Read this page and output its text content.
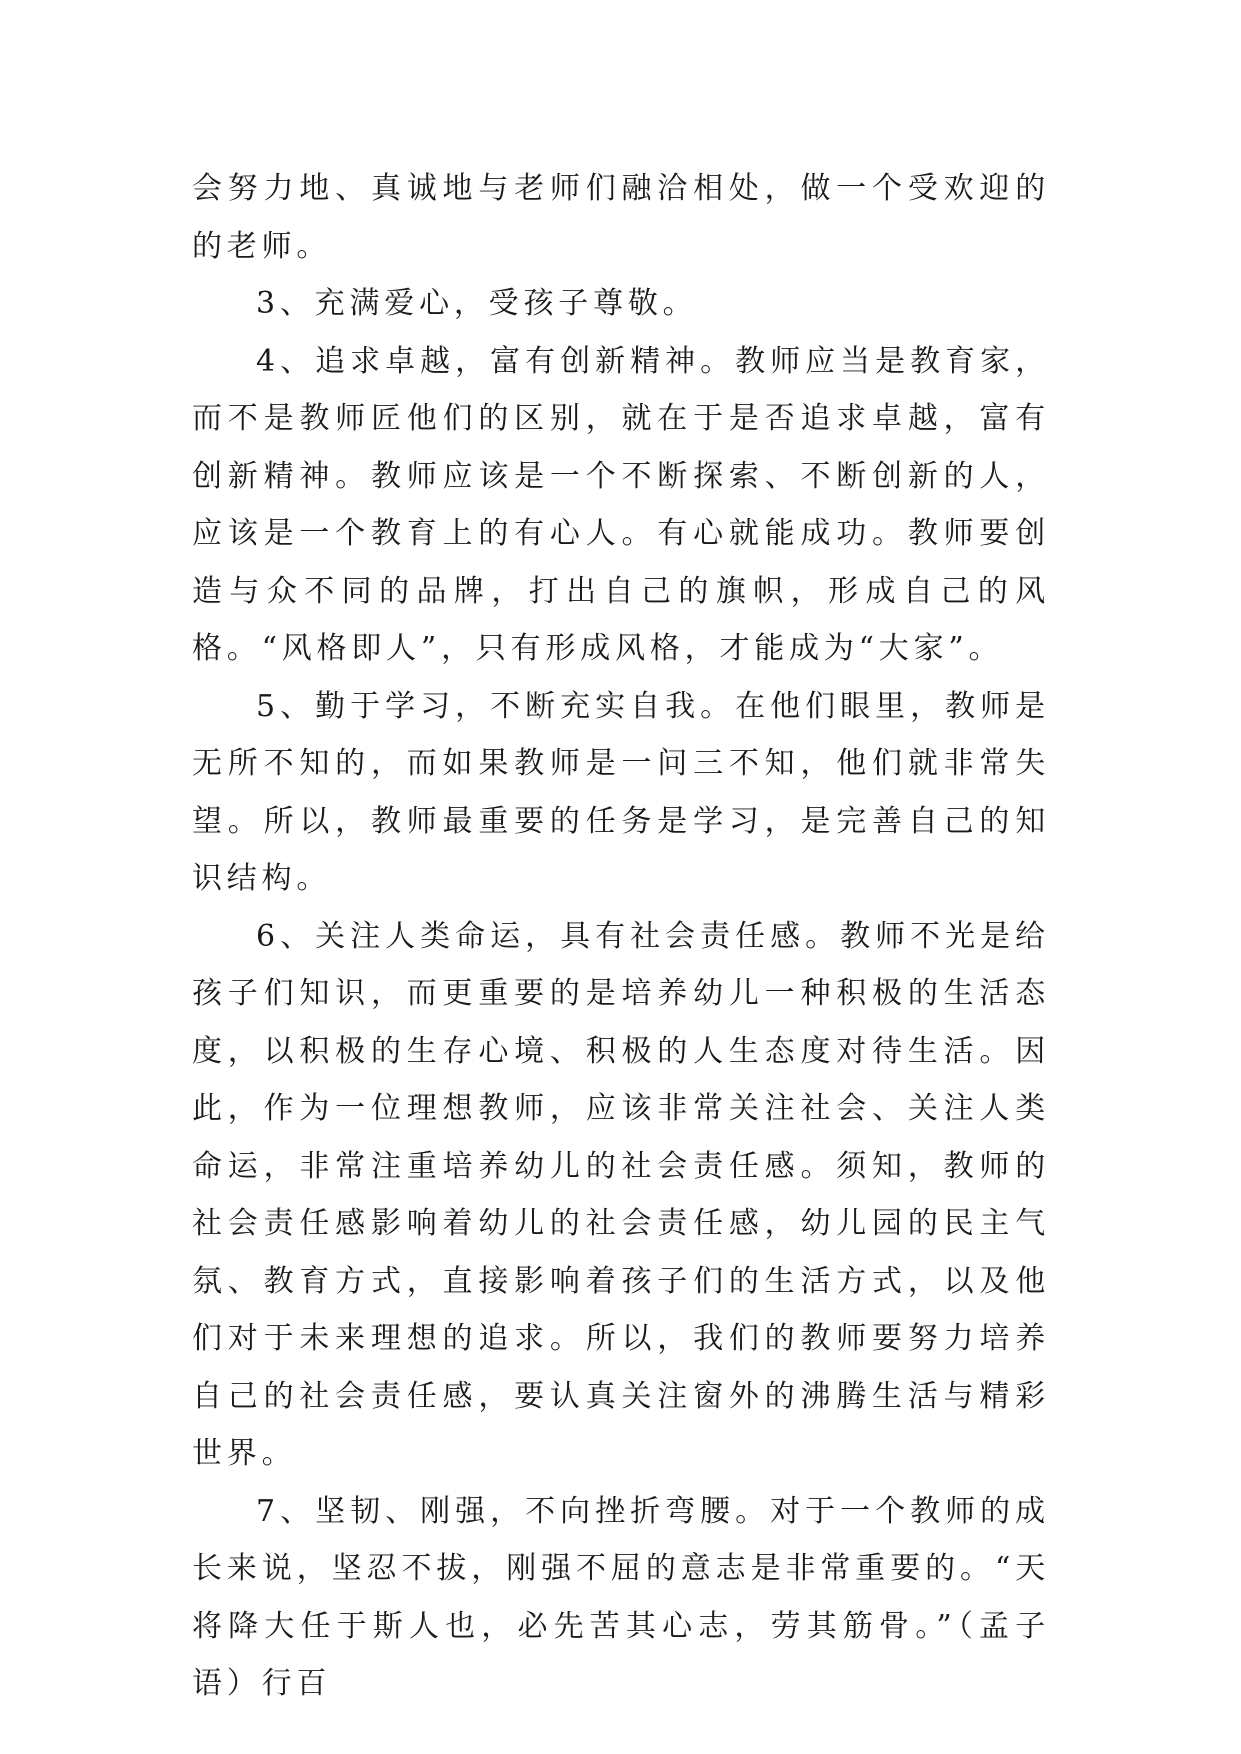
会努力地、真诚地与老师们融洽相处，做一个受欢迎的的老师。

3、充满爱心，受孩子尊敬。

4、追求卓越，富有创新精神。教师应当是教育家，而不是教师匠他们的区别，就在于是否追求卓越，富有创新精神。教师应该是一个不断探索、不断创新的人，应该是一个教育上的有心人。有心就能成功。教师要创造与众不同的品牌，打出自己的旗帜，形成自己的风格。“风格即人”，只有形成风格，才能成为“大家”。

5、勤于学习，不断充实自我。在他们眼里，教师是无所不知的，而如果教师是一问三不知，他们就非常失望。所以，教师最重要的任务是学习，是完善自己的知识结构。

6、关注人类命运，具有社会责任感。教师不光是给孩子们知识，而更重要的是培养幼儿一种积极的生活态度，以积极的生存心境、积极的人生态度对待生活。因此，作为一位理想教师，应该非常关注社会、关注人类命运，非常注重培养幼儿的社会责任感。须知，教师的社会责任感影响着幼儿的社会责任感，幼儿园的民主气氛、教育方式，直接影响着孩子们的生活方式，以及他们对于未来理想的追求。所以，我们的教师要努力培养自己的社会责任感，要认真关注窗外的沸腾生活与精彩世界。

7、坚韧、刚强，不向挫折弯腰。对于一个教师的成长来说，坚忍不拔，刚强不屈的意志是非常重要的。“天将降大任于斯人也，必先苦其心志，劳其筋骨。”（孟子语）行百
